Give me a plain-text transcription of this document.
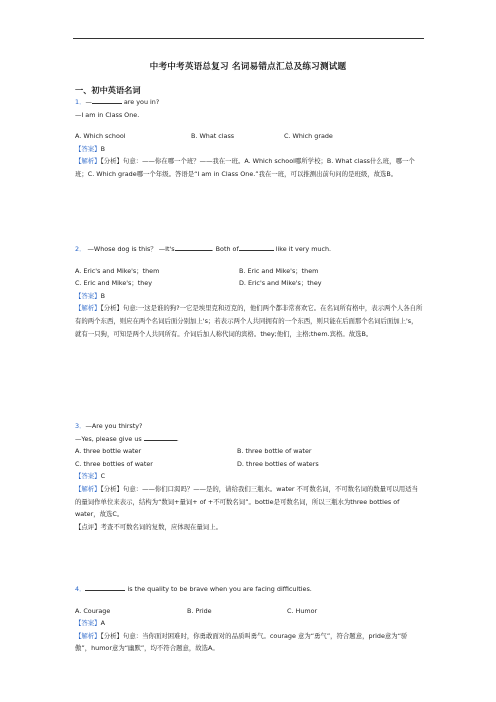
中考中考英语总复习 名词易错点汇总及练习测试题
一、初中英语名词
1．—	are you in?
—I am in Class One.
A. Which school	B. What class	C. Which grade
【答案】B
【解析】【分析】句意：——你在哪一个班？——我在一班。A. Which school哪所学校；B. What class什么班，哪一个班；C. Which grade哪一个年级。答语是“I am in Class One.”我在一班，可以推测出前句问的是班级，故选B。
2． —Whose dog is this？ —It's	. Both of	like it very much.
A. Eric's and Mike's；them	B. Eric and Mike's；them
C. Eric and Mike's；they	D. Eric's and Mike's；they
【答案】B
【解析】【分析】句意:一这是谁的狗?一它是埃里克和迈克的，他们两个都非常喜欢它。在名词所有格中，表示两个人各自所有的两个东西，则应在两个名词后面分别加上's；若表示两个人共同拥有的一个东西，则只能在后面那个名词后面加上's，就有一只狗，可知是两个人共同所有。介词后加人称代词的宾格。they;他们，主格;them.宾格。故选B。
3．—Are you thirsty?
—Yes, please give us	.
A. three bottle water	B. three bottle of water
C. three bottles of water	D. three bottles of waters
【答案】C
【解析】【分析】句意：——你们口渴吗？——是的，请给我们三瓶水。water 不可数名词，不可数名词的数量可以用适当的量词作单位来表示，结构为“数词+量词+ of +不可数名词”。bottle是可数名词，所以三瓶水为three bottles of water，故选C。
【点评】考查不可数名词的复数，应体现在量词上。
4．	is the quality to be brave when you are facing difficulties.
A. Courage	B. Pride	C. Humor
【答案】A
【解析】【分析】句意：当你面对困难时，你勇敢面对的品质叫勇气。courage 意为“勇气”，符合题意，pride意为“骄傲”，humor意为“幽默”，均不符合题意，故选A。
